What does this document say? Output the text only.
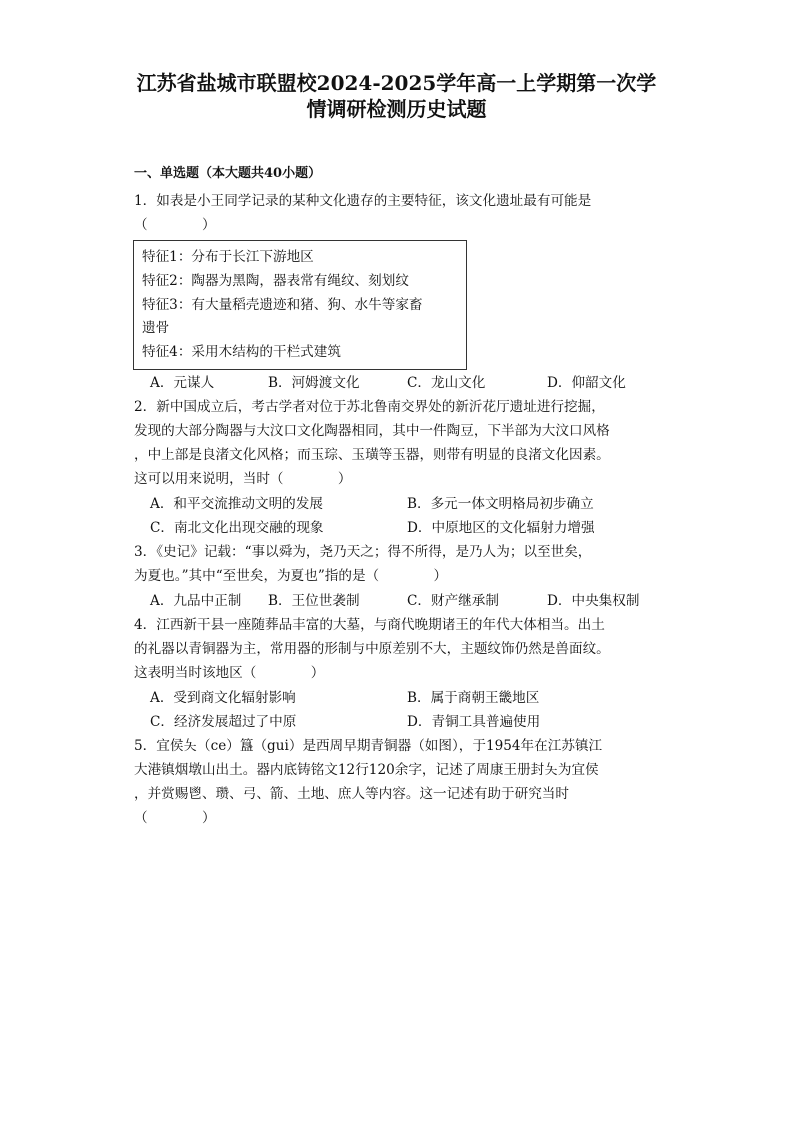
江苏省盐城市联盟校2024-2025学年高一上学期第一次学
情调研检测历史试题
一、单选题（本大题共40小题）
1．如表是小王同学记录的某种文化遗存的主要特征，该文化遗址最有可能是
（　　　　）
特征1：分布于长江下游地区
特征2：陶器为黑陶，器表常有绳纹、刻划纹
特征3：有大量稻壳遗迹和猪、狗、水牛等家畜
遗骨
特征4：采用木结构的干栏式建筑
A．元谋人	B．河姆渡文化	C．龙山文化	D．仰韶文化
2．新中国成立后，考古学者对位于苏北鲁南交界处的新沂花厅遗址进行挖掘，
发现的大部分陶器与大汶口文化陶器相同，其中一件陶豆，下半部为大汶口风格
，中上部是良渚文化风格；而玉琮、玉璜等玉器，则带有明显的良渚文化因素。
这可以用来说明，当时（　　　　）
A．和平交流推动文明的发展	B．多元一体文明格局初步确立
C．南北文化出现交融的现象	D．中原地区的文化辐射力增强
3．《史记》记载：“事以舜为，尧乃天之；得不所得，是乃人为；以至世矣，
为夏也。”其中“至世矣，为夏也”指的是（　　　　）
A．九品中正制 B．王位世袭制	C．财产继承制	D．中央集权制
4．江西新干县一座随葬品丰富的大墓，与商代晚期诸王的年代大体相当。出土
的礼器以青铜器为主，常用器的形制与中原差别不大，主题纹饰仍然是兽面纹。
这表明当时该地区（　　　　）
A．受到商文化辐射影响	B．属于商朝王畿地区
C．经济发展超过了中原	D．青铜工具普遍使用
5．宜侯夨（ce）簋（gui）是西周早期青铜器（如图），于1954年在江苏镇江
大港镇烟墩山出土。器内底铸铭文12行120余字，记述了周康王册封夨为宜侯
，并赏赐鬯、瓒、弓、箭、土地、庶人等内容。这一记述有助于研究当时
（　　　　）
